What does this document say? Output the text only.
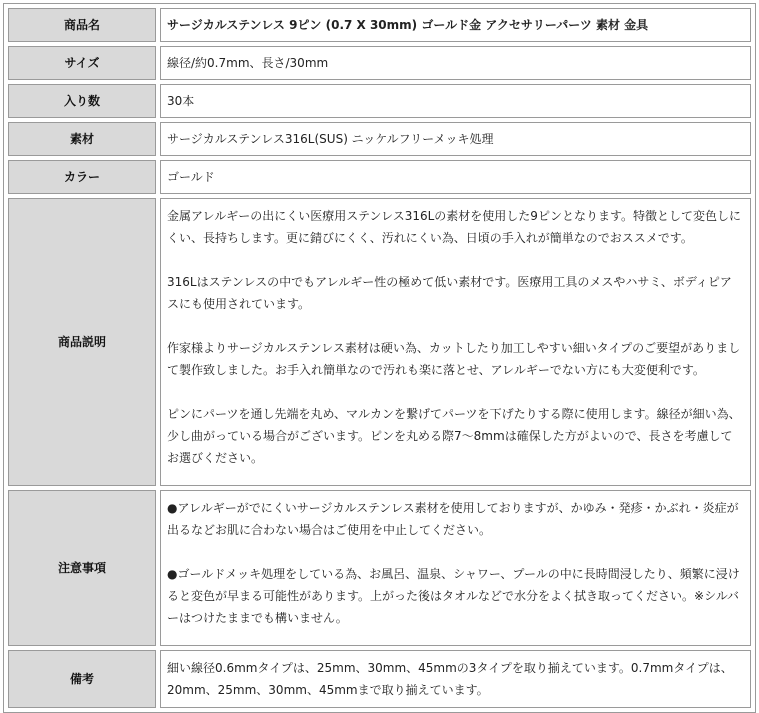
商品名	サージカルステンレス 9ピン (0.7 X 30mm) ゴールド金 アクセサリーパーツ 素材 金具
サイズ	線径/約0.7mm、長さ/30mm
入り数	30本
素材	サージカルステンレス316L(SUS) ニッケルフリーメッキ処理
カラー	ゴールド
商品説明	金属アレルギーの出にくい医療用ステンレス316Lの素材を使用した9ピンとなります。特徴として変色しにくい、長持ちします。更に錆びにくく、汚れにくい為、日頃の手入れが簡単なのでおススメです。

316Lはステンレスの中でもアレルギー性の極めて低い素材です。医療用工具のメスやハサミ、ボディピアスにも使用されています。

作家様よりサージカルステンレス素材は硬い為、カットしたり加工しやすい細いタイプのご要望がありまして製作致しました。お手入れ簡単なので汚れも楽に落とせ、アレルギーでない方にも大変便利です。

ピンにパーツを通し先端を丸め、マルカンを繋げてパーツを下げたりする際に使用します。線径が細い為、少し曲がっている場合がございます。ピンを丸める際7～8mmは確保した方がよいので、長さを考慮してお選びください。

注意事項	●アレルギーがでにくいサージカルステンレス素材を使用しておりますが、かゆみ・発疹・かぶれ・炎症が出るなどお肌に合わない場合はご使用を中止してください。

●ゴールドメッキ処理をしている為、お風呂、温泉、シャワー、プールの中に長時間浸したり、頻繁に浸けると変色が早まる可能性があります。上がった後はタオルなどで水分をよく拭き取ってください。※シルバーはつけたままでも構いません。

備考	細い線径0.6mmタイプは、25mm、30mm、45mmの3タイプを取り揃えています。0.7mmタイプは、20mm、25mm、30mm、45mmまで取り揃えています。
